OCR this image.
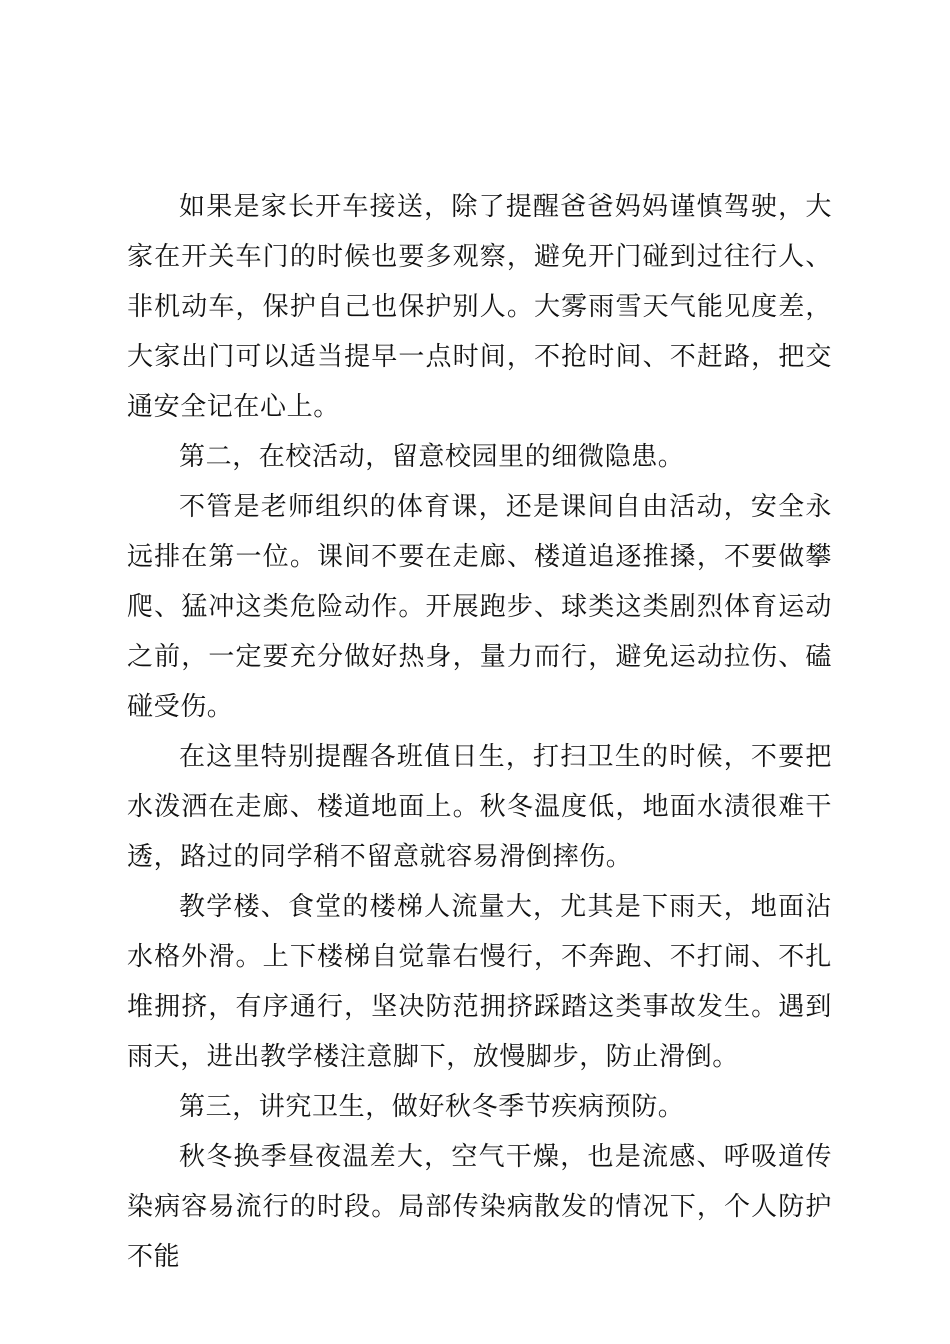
如果是家长开车接送，除了提醒爸爸妈妈谨慎驾驶，大家在开关车门的时候也要多观察，避免开门碰到过往行人、非机动车，保护自己也保护别人。大雾雨雪天气能见度差，大家出门可以适当提早一点时间，不抢时间、不赶路，把交通安全记在心上。

第二，在校活动，留意校园里的细微隐患。

不管是老师组织的体育课，还是课间自由活动，安全永远排在第一位。课间不要在走廊、楼道追逐推搡，不要做攀爬、猛冲这类危险动作。开展跑步、球类这类剧烈体育运动之前，一定要充分做好热身，量力而行，避免运动拉伤、磕碰受伤。

在这里特别提醒各班值日生，打扫卫生的时候，不要把水泼洒在走廊、楼道地面上。秋冬温度低，地面水渍很难干透，路过的同学稍不留意就容易滑倒摔伤。

教学楼、食堂的楼梯人流量大，尤其是下雨天，地面沾水格外滑。上下楼梯自觉靠右慢行，不奔跑、不打闹、不扎堆拥挤，有序通行，坚决防范拥挤踩踏这类事故发生。遇到雨天，进出教学楼注意脚下，放慢脚步，防止滑倒。

第三，讲究卫生，做好秋冬季节疾病预防。

秋冬换季昼夜温差大，空气干燥，也是流感、呼吸道传染病容易流行的时段。局部传染病散发的情况下，个人防护不能
